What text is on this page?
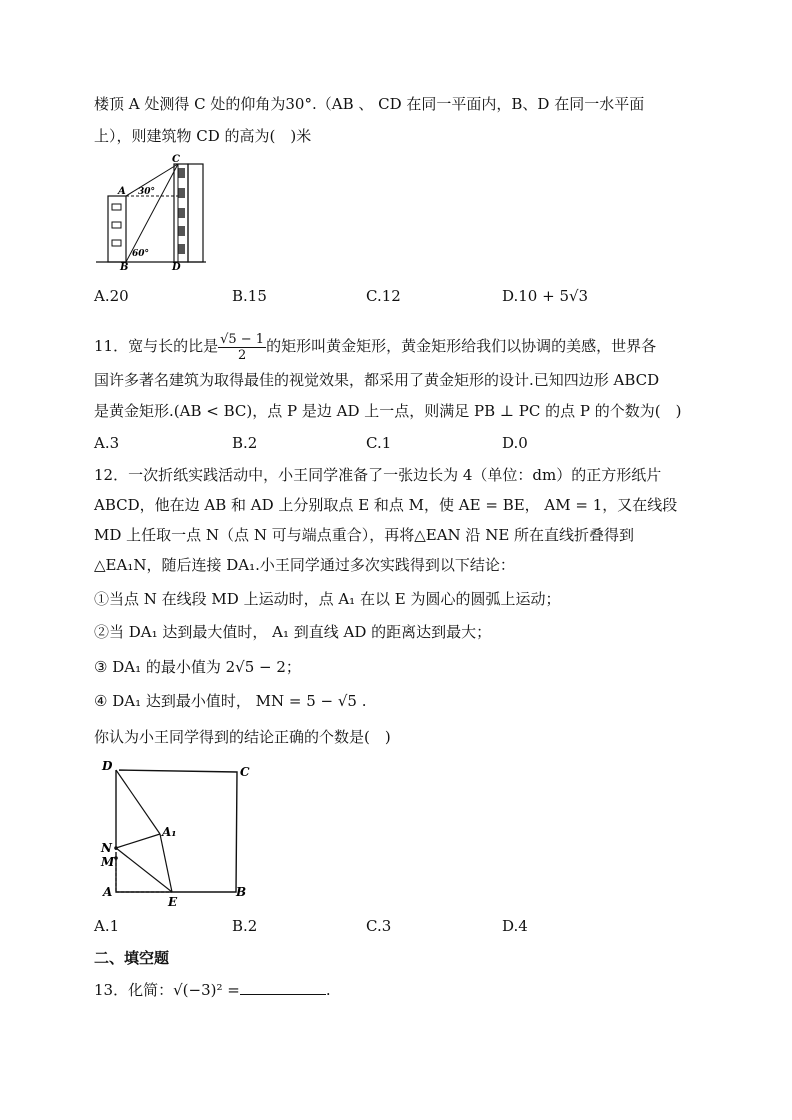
楼顶 A 处测得 C 处的仰角为30°.（AB 、 CD 在同一平面内，B、D 在同一水平面
上），则建筑物 CD 的高为(　)米
C
A 30°
60°
B	D
A.20	B.15	C.12	D.10 + 5√3
11．宽与长的比是 $\frac{√5 - 1}{2}$ 的矩形叫黄金矩形，黄金矩形给我们以协调的美感，世界各
国许多著名建筑为取得最佳的视觉效果，都采用了黄金矩形的设计.已知四边形 ABCD
是黄金矩形.(AB < BC)，点 P 是边 AD 上一点，则满足 PB ⊥ PC 的点 P 的个数为(　)
A.3	B.2	C.1	D.0
12．一次折纸实践活动中，小王同学准备了一张边长为 4（单位：dm）的正方形纸片
ABCD，他在边 AB 和 AD 上分别取点 E 和点 M，使 AE = BE， AM = 1，又在线段
MD 上任取一点 N（点 N 可与端点重合），再将△EAN 沿 NE 所在直线折叠得到
△EA₁N，随后连接 DA₁.小王同学通过多次实践得到以下结论：
①当点 N 在线段 MD 上运动时，点 A₁ 在以 E 为圆心的圆弧上运动；
②当 DA₁ 达到最大值时， A₁ 到直线 AD 的距离达到最大；
③ DA₁ 的最小值为 2√5 − 2；
④ DA₁ 达到最小值时， MN = 5 − √5 .
你认为小王同学得到的结论正确的个数是(　)
D	C
A₁
N
M
A
E
B
A.1	B.2	C.3	D.4
二、填空题
13．化简：√(−3)² =	.
